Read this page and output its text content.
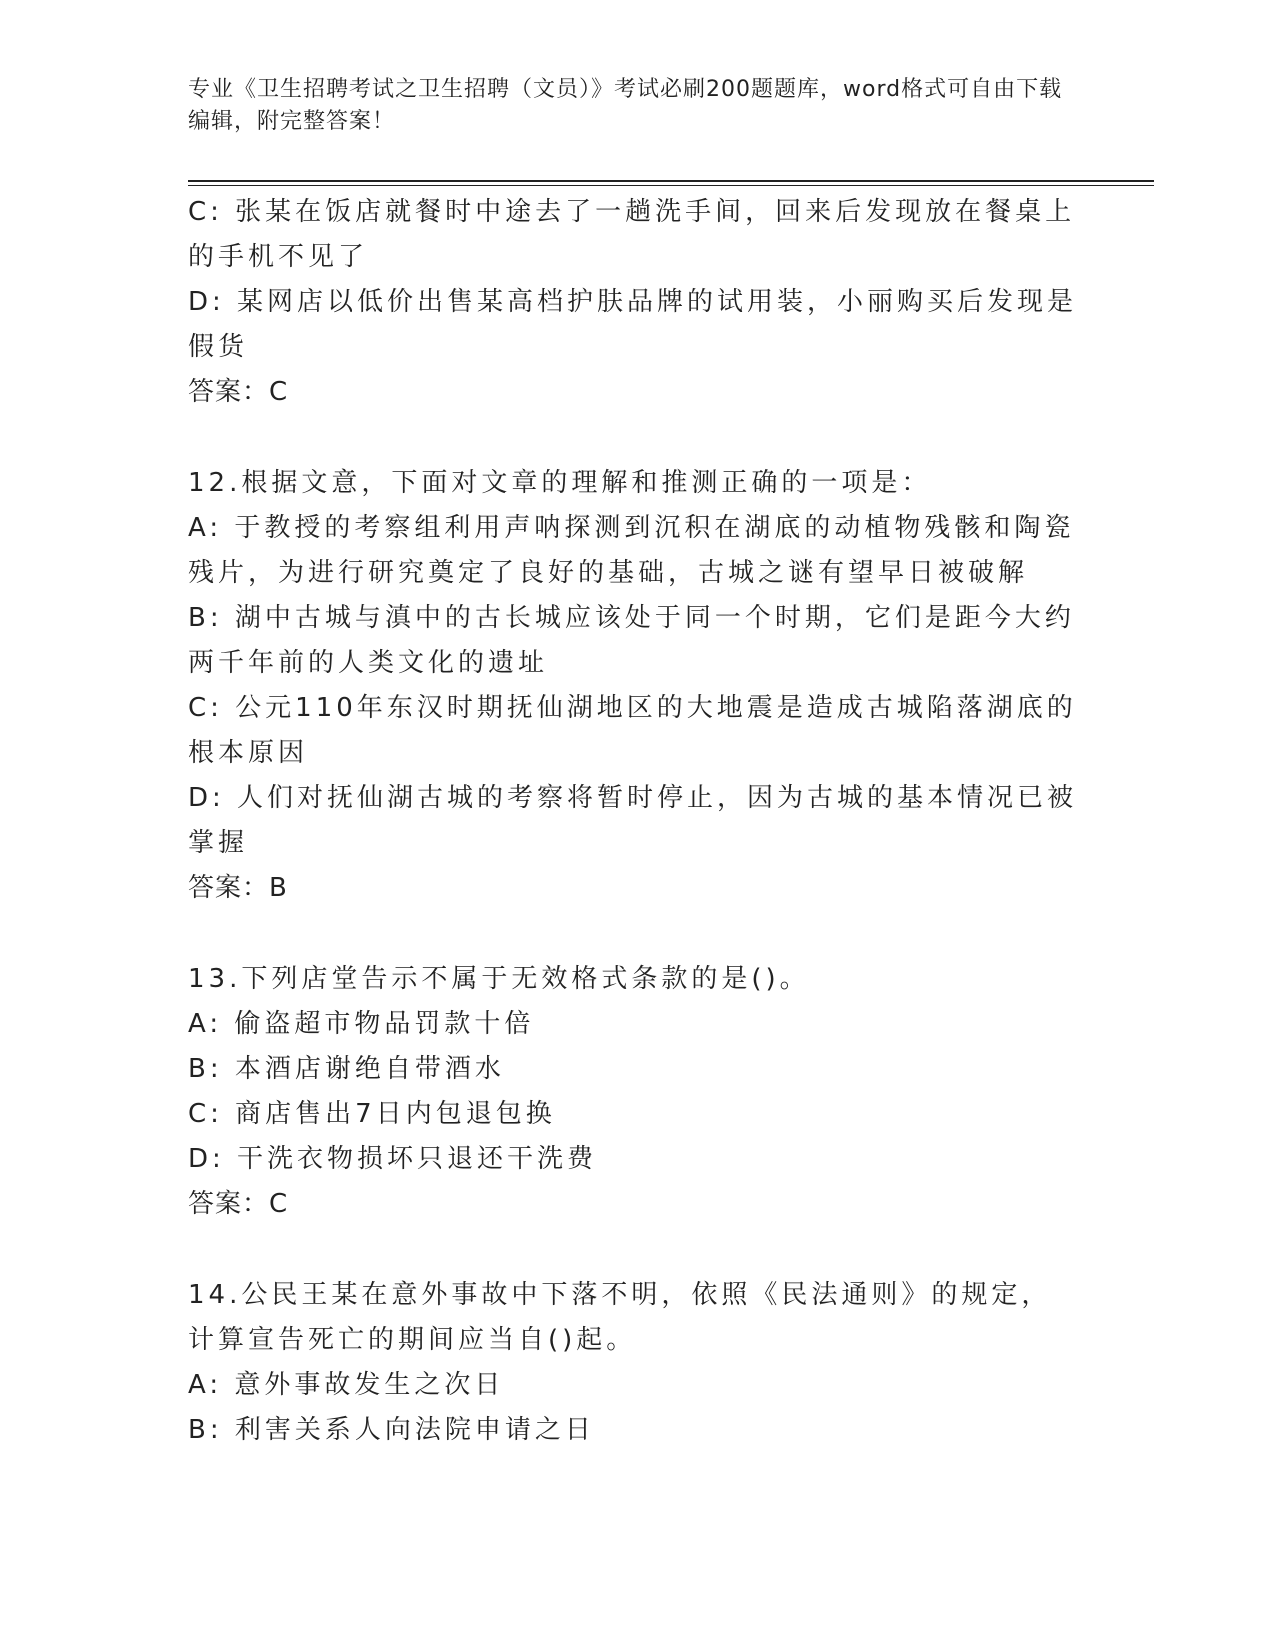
专业《卫生招聘考试之卫生招聘（文员）》考试必刷200题题库，word格式可自由下载编辑，附完整答案！

C: 张某在饭店就餐时中途去了一趟洗手间，回来后发现放在餐桌上的手机不见了

D: 某网店以低价出售某高档护肤品牌的试用装，小丽购买后发现是假货

答案：C

12.根据文意，下面对文章的理解和推测正确的一项是：

A: 于教授的考察组利用声呐探测到沉积在湖底的动植物残骸和陶瓷残片，为进行研究奠定了良好的基础，古城之谜有望早日被破解

B: 湖中古城与滇中的古长城应该处于同一个时期，它们是距今大约两千年前的人类文化的遗址

C: 公元110年东汉时期抚仙湖地区的大地震是造成古城陷落湖底的根本原因

D: 人们对抚仙湖古城的考察将暂时停止，因为古城的基本情况已被掌握

答案：B

13.下列店堂告示不属于无效格式条款的是()。

A: 偷盗超市物品罚款十倍

B: 本酒店谢绝自带酒水

C: 商店售出7日内包退包换

D: 干洗衣物损坏只退还干洗费

答案：C

14.公民王某在意外事故中下落不明，依照《民法通则》的规定，计算宣告死亡的期间应当自()起。

A: 意外事故发生之次日

B: 利害关系人向法院申请之日
